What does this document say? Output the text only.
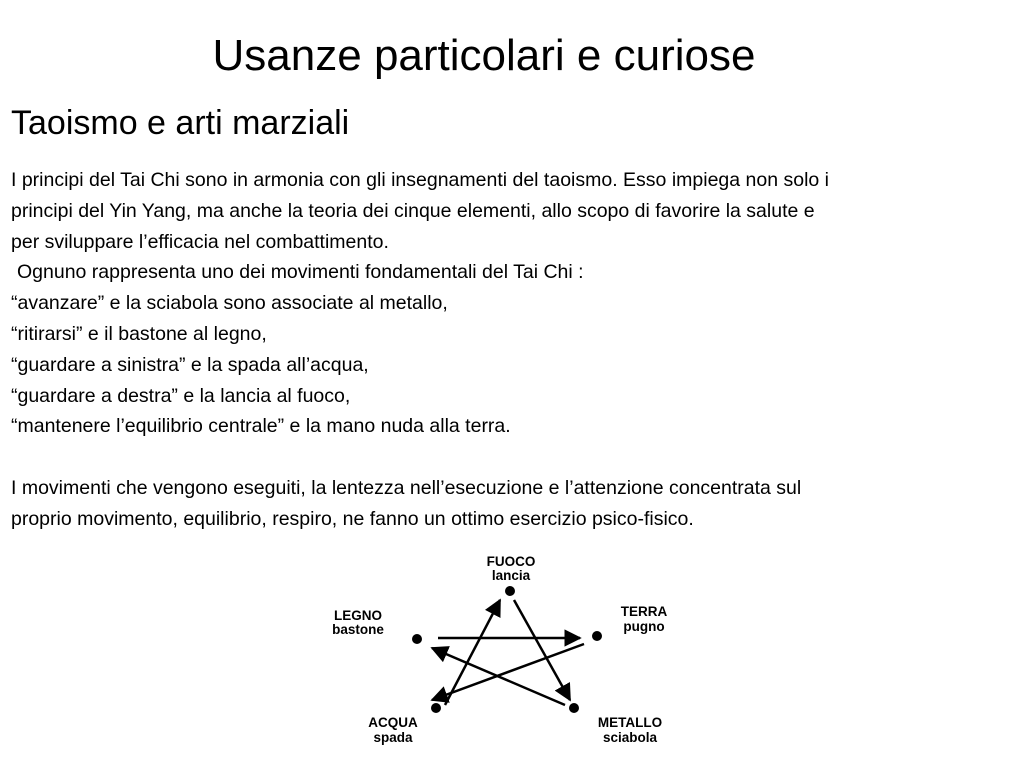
Usanze particolari e curiose
Taoismo e arti marziali

I principi del Tai Chi sono in armonia con gli insegnamenti del taoismo. Esso impiega non solo i

principi del Yin Yang, ma anche la teoria dei cinque elementi, allo scopo di favorire la salute e

per sviluppare l’efficacia nel combattimento.

Ognuno rappresenta uno dei movimenti fondamentali del Tai Chi :

“avanzare” e la sciabola sono associate al metallo,

“ritirarsi” e il bastone al legno,

“guardare a sinistra” e la spada all’acqua,

“guardare a destra” e la lancia al fuoco,

“mantenere l’equilibrio centrale” e la mano nuda alla terra.

I movimenti che vengono eseguiti, la lentezza nell’esecuzione e l’attenzione concentrata sul

proprio movimento, equilibrio, respiro, ne fanno un ottimo esercizio psico-fisico.

FUOCO
lancia
TERRA
pugno
METALLO
sciabola
ACQUA
spada
LEGNO
bastone
